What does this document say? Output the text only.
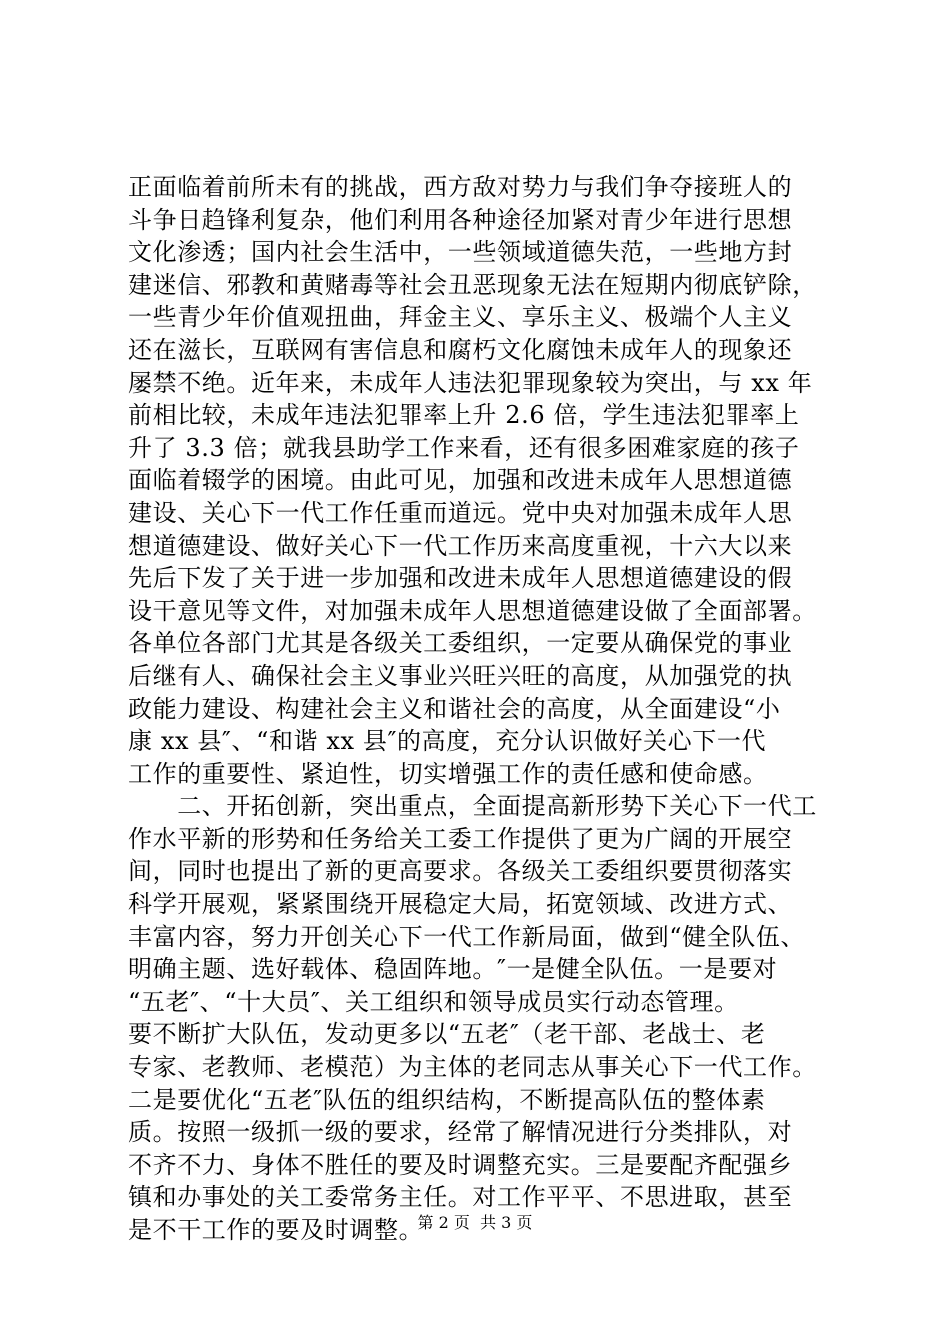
正面临着前所未有的挑战，西方敌对势力与我们争夺接班人的
斗争日趋锋利复杂，他们利用各种途径加紧对青少年进行思想
文化渗透；国内社会生活中，一些领域道德失范，一些地方封
建迷信、邪教和黄赌毒等社会丑恶现象无法在短期内彻底铲除，
一些青少年价值观扭曲，拜金主义、享乐主义、极端个人主义
还在滋长，互联网有害信息和腐朽文化腐蚀未成年人的现象还
屡禁不绝。近年来，未成年人违法犯罪现象较为突出，与 xx 年
前相比较，未成年违法犯罪率上升 2.6 倍，学生违法犯罪率上
升了 3.3 倍；就我县助学工作来看，还有很多困难家庭的孩子
面临着辍学的困境。由此可见，加强和改进未成年人思想道德
建设、关心下一代工作任重而道远。党中央对加强未成年人思
想道德建设、做好关心下一代工作历来高度重视，十六大以来
先后下发了关于进一步加强和改进未成年人思想道德建设的假
设干意见等文件，对加强未成年人思想道德建设做了全面部署。
各单位各部门尤其是各级关工委组织，一定要从确保党的事业
后继有人、确保社会主义事业兴旺兴旺的高度，从加强党的执
政能力建设、构建社会主义和谐社会的高度，从全面建设“小
康 xx 县″、“和谐 xx 县″的高度，充分认识做好关心下一代
工作的重要性、紧迫性，切实增强工作的责任感和使命感。
　　二、开拓创新，突出重点，全面提高新形势下关心下一代工
作水平新的形势和任务给关工委工作提供了更为广阔的开展空
间，同时也提出了新的更高要求。各级关工委组织要贯彻落实
科学开展观，紧紧围绕开展稳定大局，拓宽领域、改进方式、
丰富内容，努力开创关心下一代工作新局面，做到“健全队伍、
明确主题、选好载体、稳固阵地。″一是健全队伍。一是要对
“五老″、“十大员″、关工组织和领导成员实行动态管理。
要不断扩大队伍，发动更多以“五老″（老干部、老战士、老
专家、老教师、老模范）为主体的老同志从事关心下一代工作。
二是要优化“五老″队伍的组织结构，不断提高队伍的整体素
质。按照一级抓一级的要求，经常了解情况进行分类排队，对
不齐不力、身体不胜任的要及时调整充实。三是要配齐配强乡
镇和办事处的关工委常务主任。对工作平平、不思进取，甚至
是不干工作的要及时调整。
第 2 页  共 3 页
